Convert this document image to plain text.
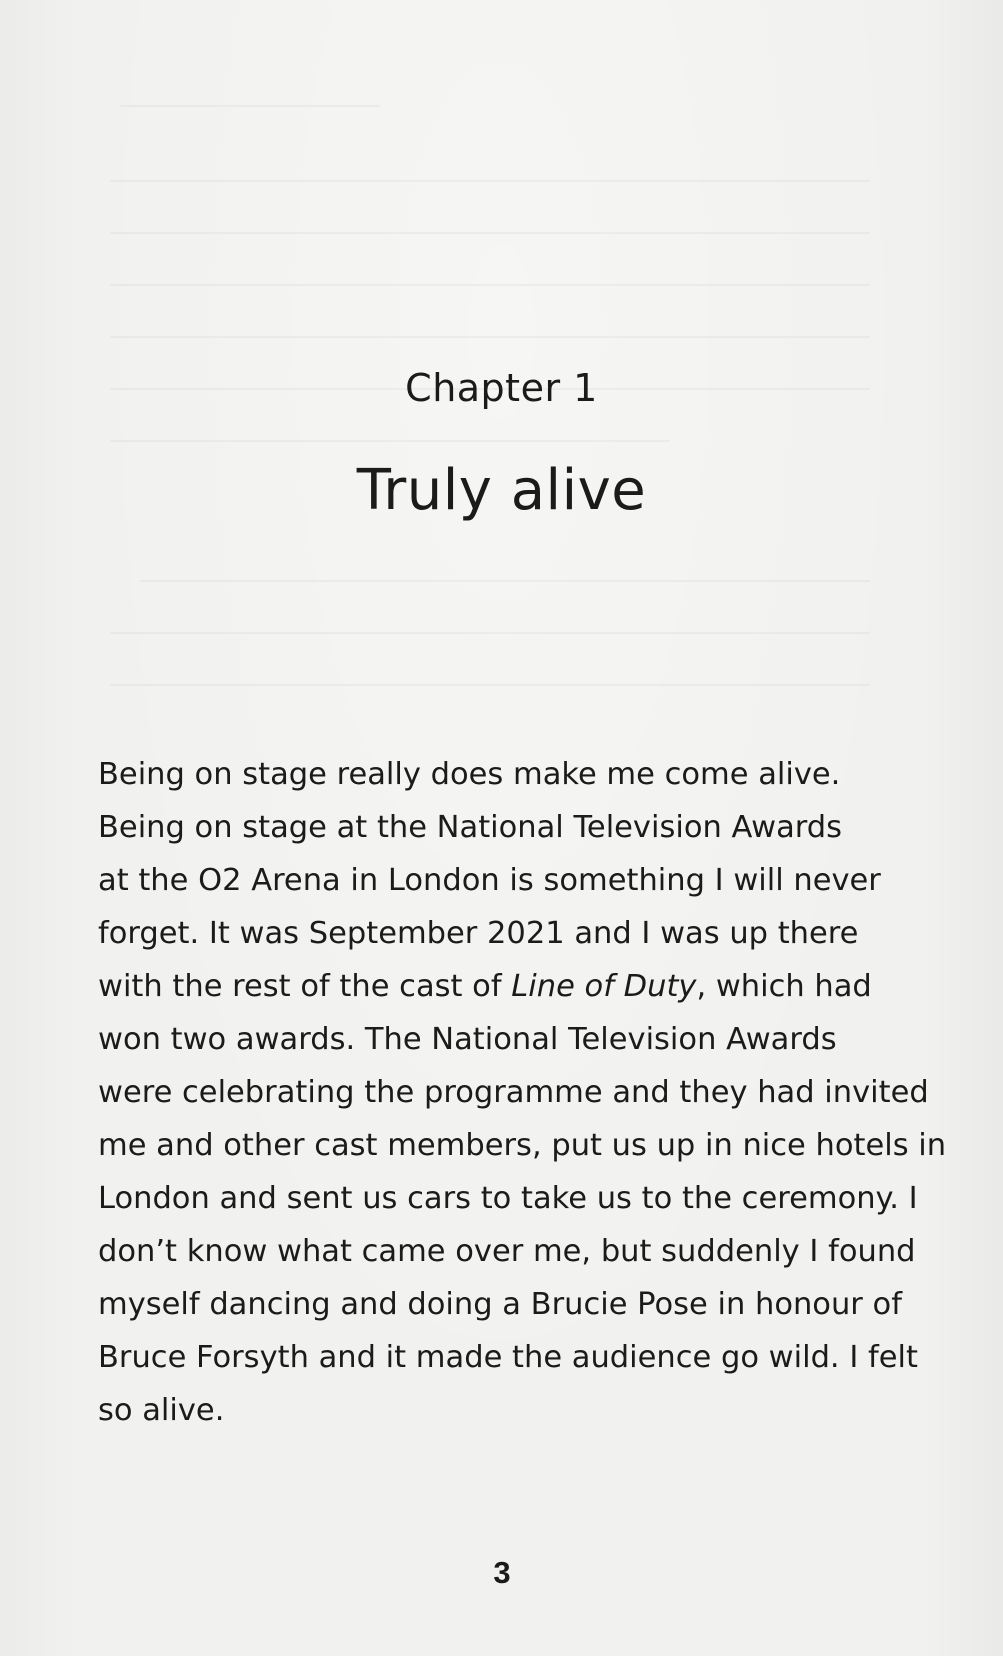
Chapter 1
Truly alive

Being on stage really does make me come alive.
Being on stage at the National Television Awards
at the O2 Arena in London is something I will never
forget. It was September 2021 and I was up there
with the rest of the cast of Line of Duty, which had
won two awards. The National Television Awards
were celebrating the programme and they had invited
me and other cast members, put us up in nice hotels in
London and sent us cars to take us to the ceremony. I
don’t know what came over me, but suddenly I found
myself dancing and doing a Brucie Pose in honour of
Bruce Forsyth and it made the audience go wild. I felt
so alive.

3
